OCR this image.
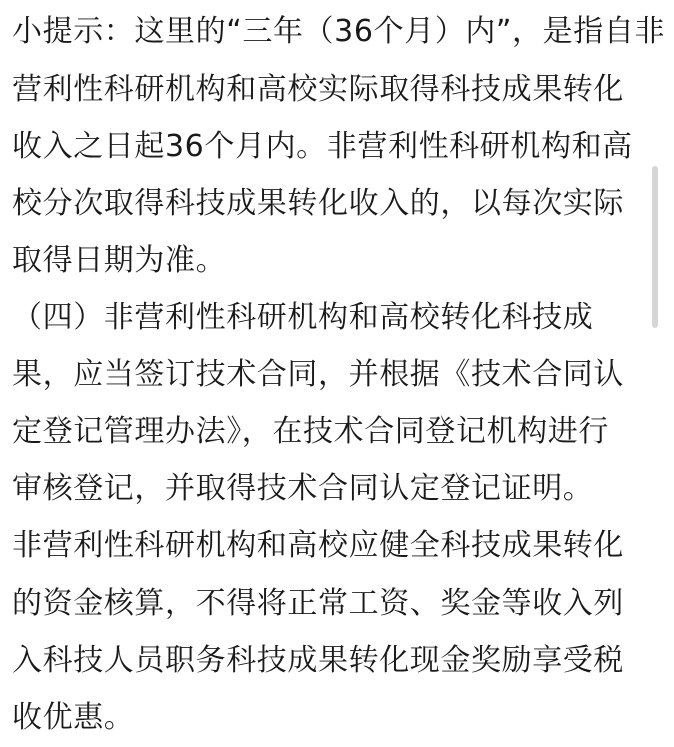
小提示：这里的“三年（36个月）内”，是指自非
营利性科研机构和高校实际取得科技成果转化
收入之日起36个月内。非营利性科研机构和高
校分次取得科技成果转化收入的，以每次实际
取得日期为准。
（四）非营利性科研机构和高校转化科技成
果，应当签订技术合同，并根据《技术合同认
定登记管理办法》，在技术合同登记机构进行
审核登记，并取得技术合同认定登记证明。
非营利性科研机构和高校应健全科技成果转化
的资金核算，不得将正常工资、奖金等收入列
入科技人员职务科技成果转化现金奖励享受税
收优惠。
